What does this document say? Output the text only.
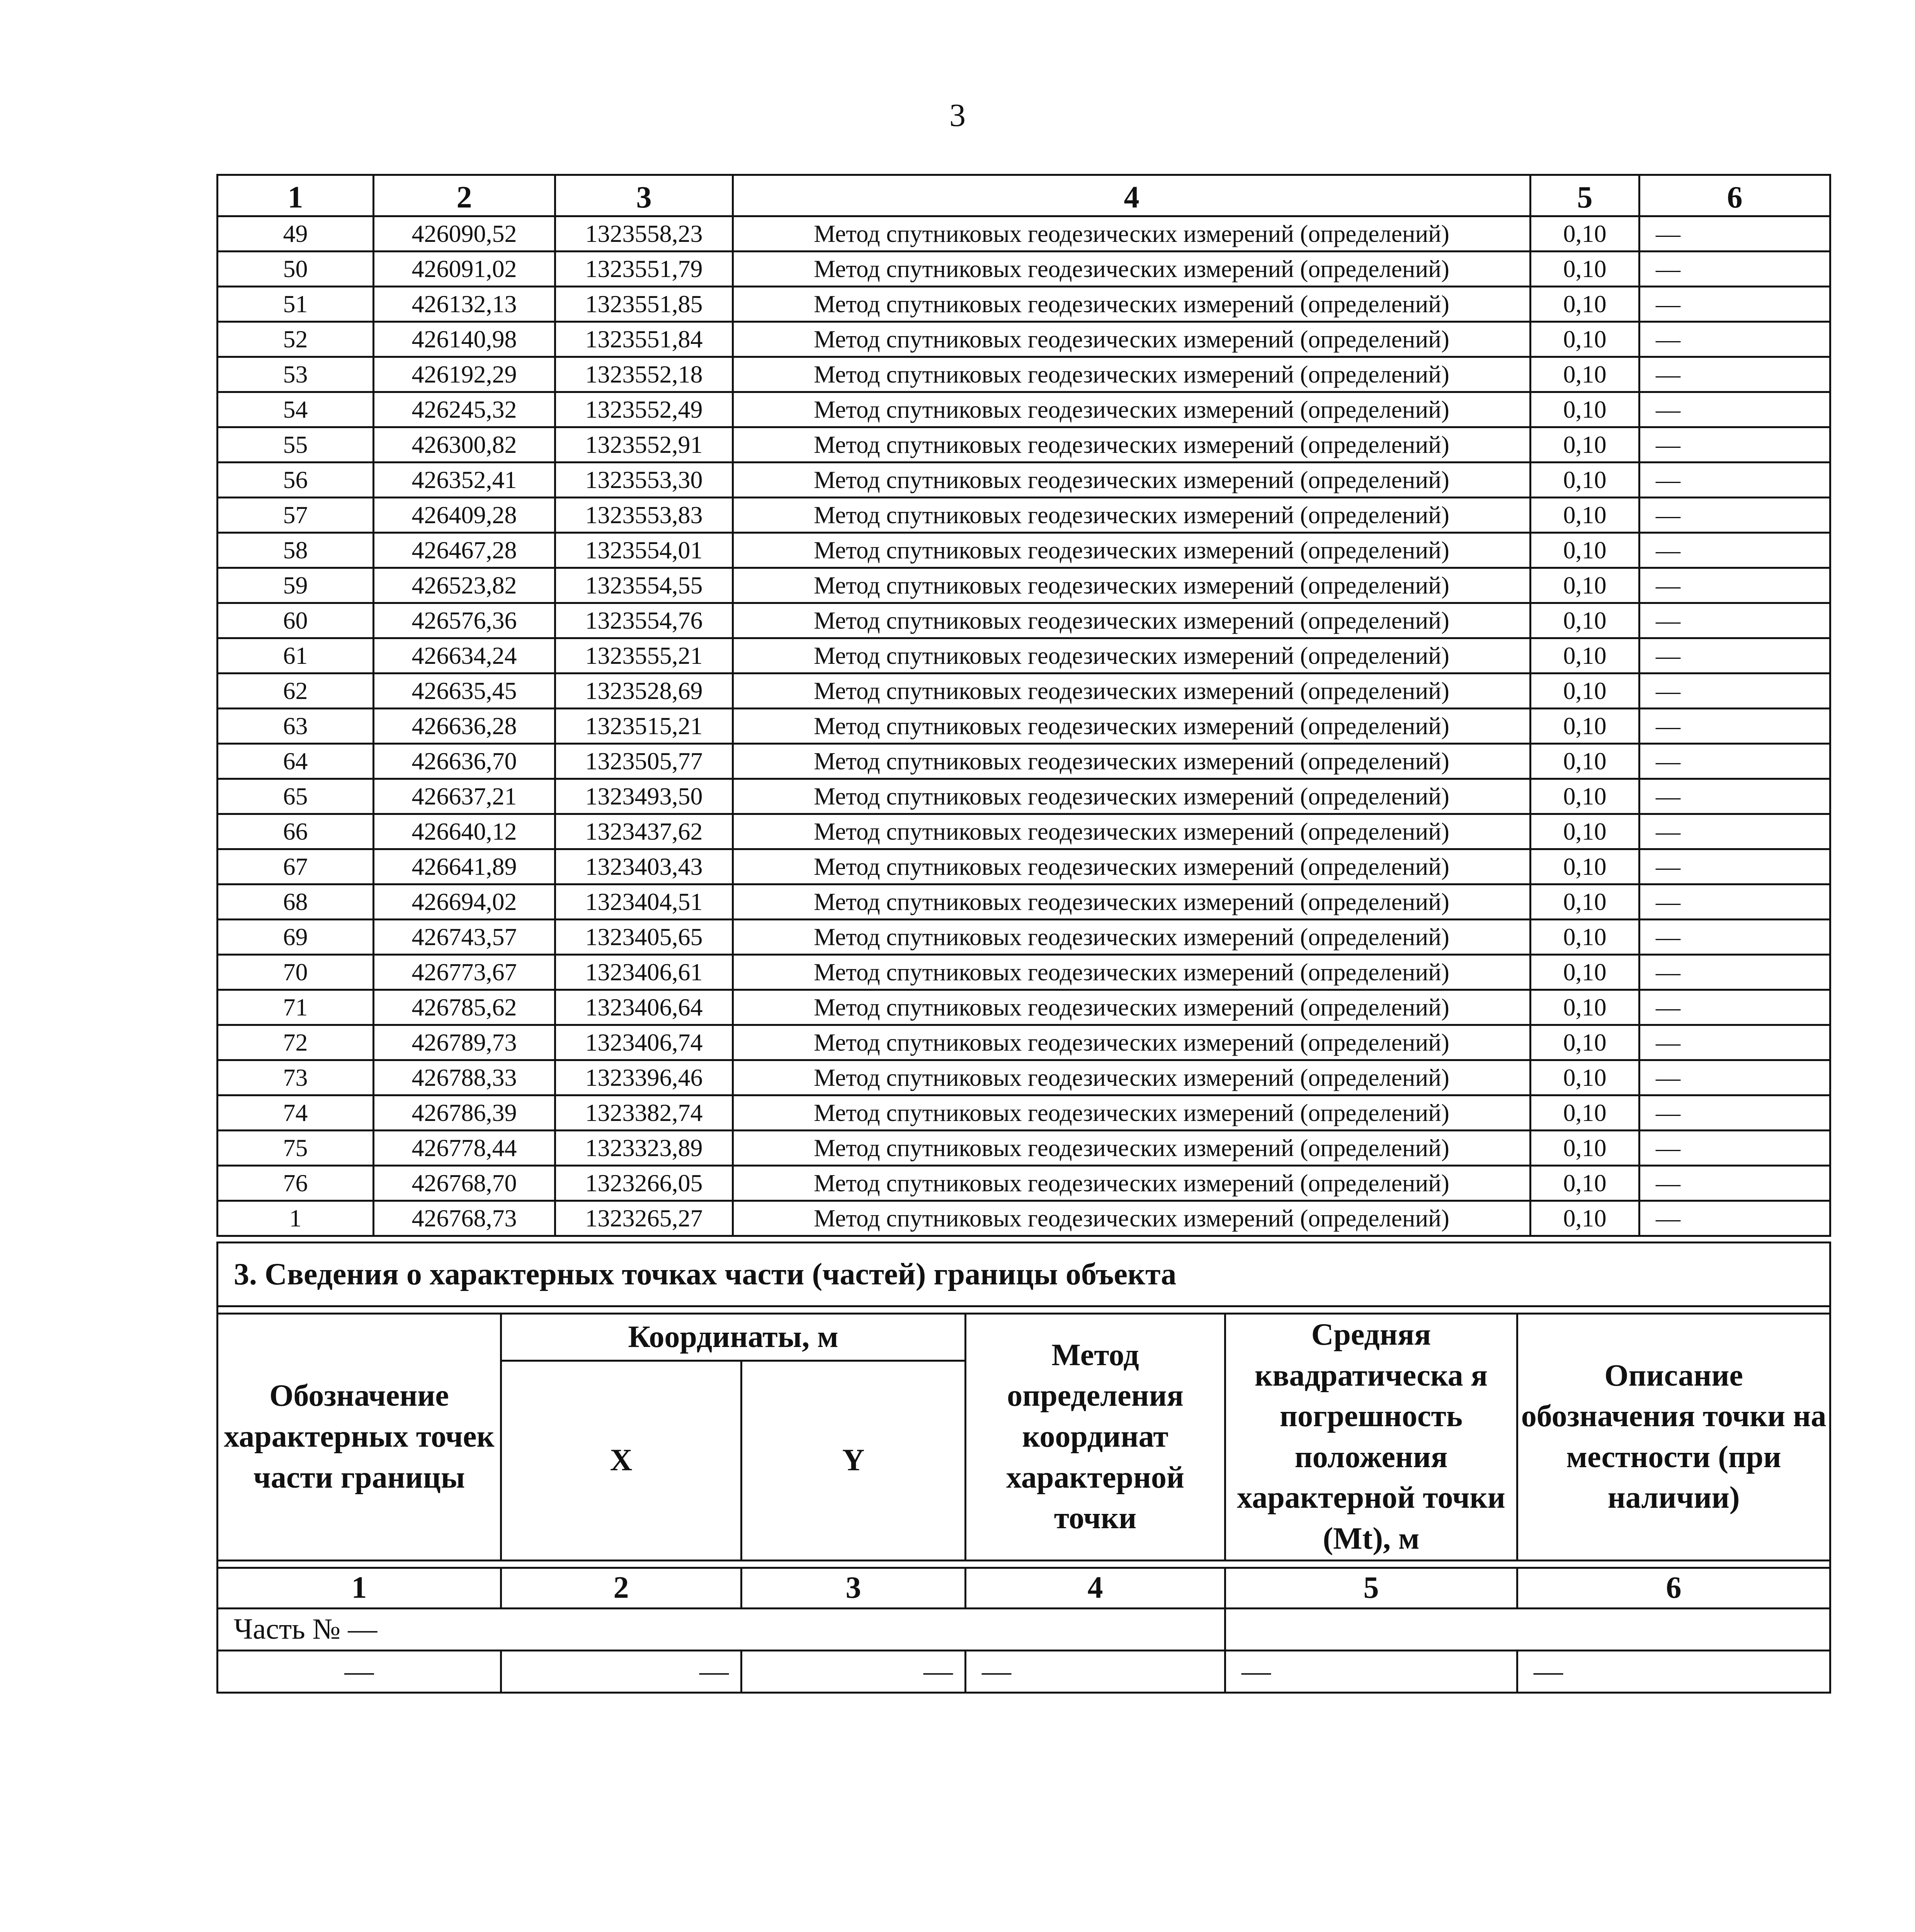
3
1	2	3	4	5	6
49	426090,52	1323558,23	Метод спутниковых геодезических измерений (определений)	0,10	—
50	426091,02	1323551,79	Метод спутниковых геодезических измерений (определений)	0,10	—
51	426132,13	1323551,85	Метод спутниковых геодезических измерений (определений)	0,10	—
52	426140,98	1323551,84	Метод спутниковых геодезических измерений (определений)	0,10	—
53	426192,29	1323552,18	Метод спутниковых геодезических измерений (определений)	0,10	—
54	426245,32	1323552,49	Метод спутниковых геодезических измерений (определений)	0,10	—
55	426300,82	1323552,91	Метод спутниковых геодезических измерений (определений)	0,10	—
56	426352,41	1323553,30	Метод спутниковых геодезических измерений (определений)	0,10	—
57	426409,28	1323553,83	Метод спутниковых геодезических измерений (определений)	0,10	—
58	426467,28	1323554,01	Метод спутниковых геодезических измерений (определений)	0,10	—
59	426523,82	1323554,55	Метод спутниковых геодезических измерений (определений)	0,10	—
60	426576,36	1323554,76	Метод спутниковых геодезических измерений (определений)	0,10	—
61	426634,24	1323555,21	Метод спутниковых геодезических измерений (определений)	0,10	—
62	426635,45	1323528,69	Метод спутниковых геодезических измерений (определений)	0,10	—
63	426636,28	1323515,21	Метод спутниковых геодезических измерений (определений)	0,10	—
64	426636,70	1323505,77	Метод спутниковых геодезических измерений (определений)	0,10	—
65	426637,21	1323493,50	Метод спутниковых геодезических измерений (определений)	0,10	—
66	426640,12	1323437,62	Метод спутниковых геодезических измерений (определений)	0,10	—
67	426641,89	1323403,43	Метод спутниковых геодезических измерений (определений)	0,10	—
68	426694,02	1323404,51	Метод спутниковых геодезических измерений (определений)	0,10	—
69	426743,57	1323405,65	Метод спутниковых геодезических измерений (определений)	0,10	—
70	426773,67	1323406,61	Метод спутниковых геодезических измерений (определений)	0,10	—
71	426785,62	1323406,64	Метод спутниковых геодезических измерений (определений)	0,10	—
72	426789,73	1323406,74	Метод спутниковых геодезических измерений (определений)	0,10	—
73	426788,33	1323396,46	Метод спутниковых геодезических измерений (определений)	0,10	—
74	426786,39	1323382,74	Метод спутниковых геодезических измерений (определений)	0,10	—
75	426778,44	1323323,89	Метод спутниковых геодезических измерений (определений)	0,10	—
76	426768,70	1323266,05	Метод спутниковых геодезических измерений (определений)	0,10	—
1	426768,73	1323265,27	Метод спутниковых геодезических измерений (определений)	0,10	—
3. Сведения о характерных точках части (частей) границы объекта					

Обозначение характерных точек части границы	Координаты, м		Метод определения координат характерной точки	Средняя квадратическа я погрешность положения характерной точки (Mt), м	Описание обозначения точки на местности (при наличии)
	X	Y			

1	2	3	4	5	6
Часть № —					
—	—	—	—	—	—
